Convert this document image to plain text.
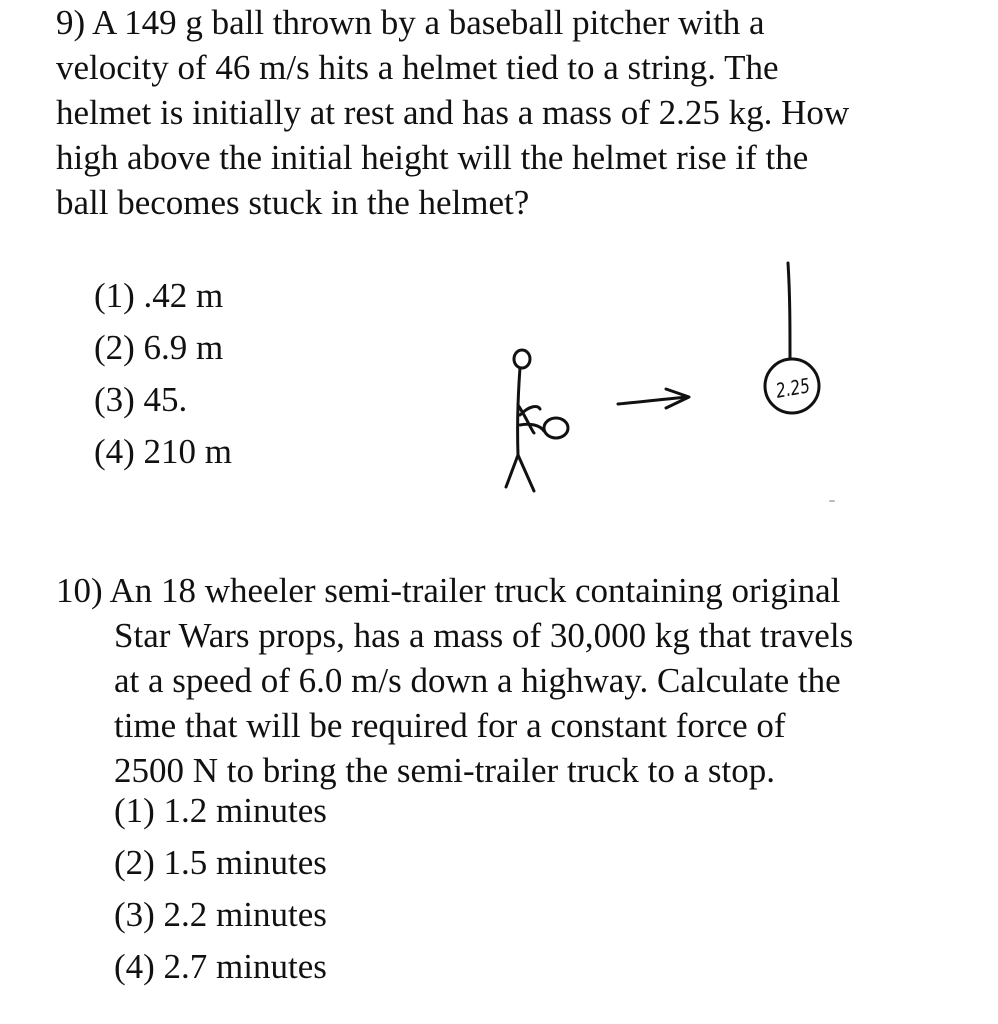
9) A 149 g ball thrown by a baseball pitcher with a
velocity of 46 m/s hits a helmet tied to a string. The
helmet is initially at rest and has a mass of 2.25 kg. How
high above the initial height will the helmet rise if the
ball becomes stuck in the helmet?
(1) .42 m
(2) 6.9 m
(3) 45.
(4) 210 m
2.25
10) An 18 wheeler semi-trailer truck containing original
Star Wars props, has a mass of 30,000 kg that travels
at a speed of 6.0 m/s down a highway. Calculate the
time that will be required for a constant force of
2500 N to bring the semi-trailer truck to a stop.
(1) 1.2 minutes
(2) 1.5 minutes
(3) 2.2 minutes
(4) 2.7 minutes
